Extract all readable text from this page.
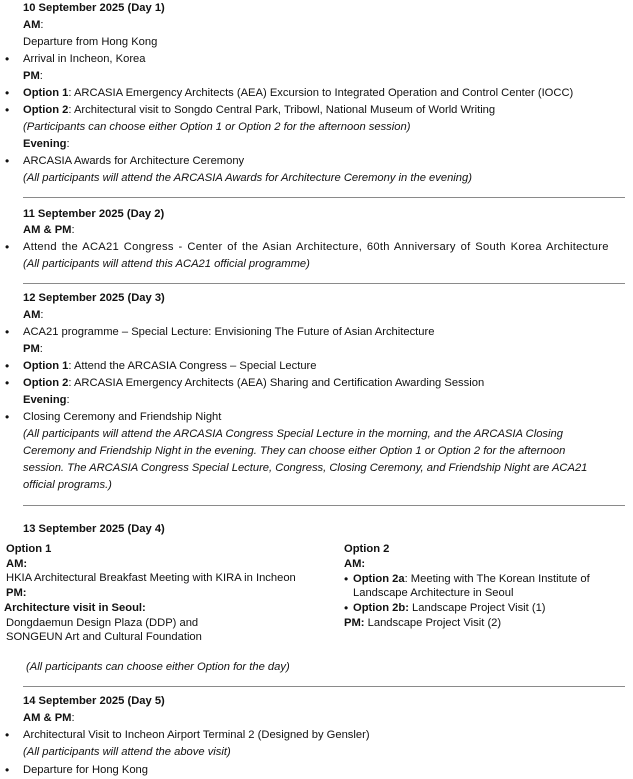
10 September 2025 (Day 1)
AM:
Departure from Hong Kong
• Arrival in Incheon, Korea
PM:
• Option 1: ARCASIA Emergency Architects (AEA) Excursion to Integrated Operation and Control Center (IOCC)
• Option 2: Architectural visit to Songdo Central Park, Tribowl, National Museum of World Writing
(Participants can choose either Option 1 or Option 2 for the afternoon session)
Evening:
• ARCASIA Awards for Architecture Ceremony
(All participants will attend the ARCASIA Awards for Architecture Ceremony in the evening)
11 September 2025 (Day 2)
AM & PM:
• Attend the ACA21 Congress - Center of the Asian Architecture, 60th Anniversary of South Korea Architecture
(All participants will attend this ACA21 official programme)
12 September 2025 (Day 3)
AM:
• ACA21 programme – Special Lecture: Envisioning The Future of Asian Architecture
PM:
• Option 1: Attend the ARCASIA Congress – Special Lecture
• Option 2: ARCASIA Emergency Architects (AEA) Sharing and Certification Awarding Session
Evening:
• Closing Ceremony and Friendship Night
(All participants will attend the ARCASIA Congress Special Lecture in the morning, and the ARCASIA Closing
Ceremony and Friendship Night in the evening. They can choose either Option 1 or Option 2 for the afternoon
session. The ARCASIA Congress Special Lecture, Congress, Closing Ceremony, and Friendship Night are ACA21
official programs.)
13 September 2025 (Day 4)
Option 1
AM:
HKIA Architectural Breakfast Meeting with KIRA in Incheon
PM:
Architecture visit in Seoul:
Dongdaemun Design Plaza (DDP) and
SONGEUN Art and Cultural Foundation
Option 2
AM:
• Option 2a: Meeting with The Korean Institute of
Landscape Architecture in Seoul
• Option 2b: Landscape Project Visit (1)
PM: Landscape Project Visit (2)
(All participants can choose either Option for the day)
14 September 2025 (Day 5)
AM & PM:
• Architectural Visit to Incheon Airport Terminal 2 (Designed by Gensler)
(All participants will attend the above visit)
• Departure for Hong Kong
